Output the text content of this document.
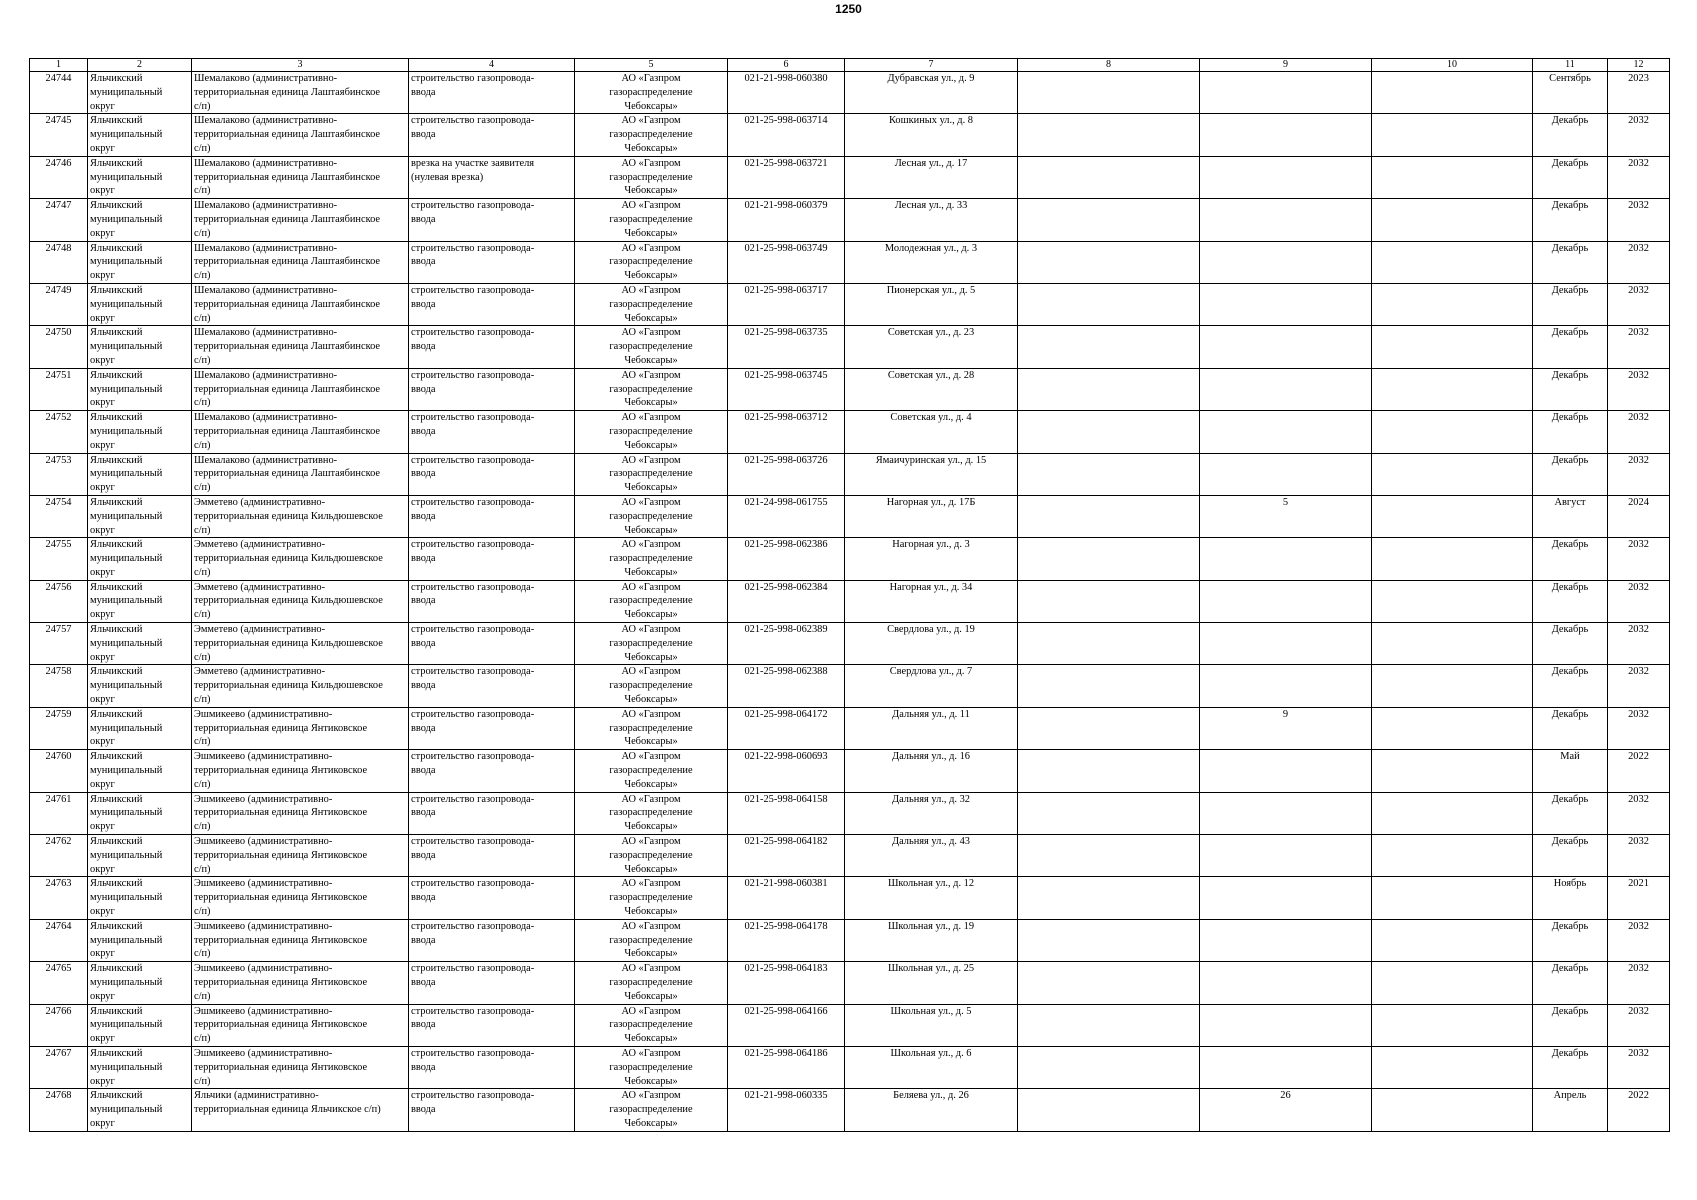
1250
1	2	3	4	5	6	7	8	9	10	11	12
24744	Яльчикский
муниципальный
округ	Шемалаково (административно-
территориальная единица Лаштаябинское
с/п)	строительство газопровода-
ввода	АО «Газпром
газораспределение
Чебоксары»	021-21-998-060380	Дубравская ул., д. 9				Сентябрь	2023
24745	Яльчикский
муниципальный
округ	Шемалаково (административно-
территориальная единица Лаштаябинское
с/п)	строительство газопровода-
ввода	АО «Газпром
газораспределение
Чебоксары»	021-25-998-063714	Кошкиных ул., д. 8				Декабрь	2032
24746	Яльчикский
муниципальный
округ	Шемалаково (административно-
территориальная единица Лаштаябинское
с/п)	врезка на участке заявителя
(нулевая врезка)	АО «Газпром
газораспределение
Чебоксары»	021-25-998-063721	Лесная ул., д. 17				Декабрь	2032
24747	Яльчикский
муниципальный
округ	Шемалаково (административно-
территориальная единица Лаштаябинское
с/п)	строительство газопровода-
ввода	АО «Газпром
газораспределение
Чебоксары»	021-21-998-060379	Лесная ул., д. 33				Декабрь	2032
24748	Яльчикский
муниципальный
округ	Шемалаково (административно-
территориальная единица Лаштаябинское
с/п)	строительство газопровода-
ввода	АО «Газпром
газораспределение
Чебоксары»	021-25-998-063749	Молодежная ул., д. 3				Декабрь	2032
24749	Яльчикский
муниципальный
округ	Шемалаково (административно-
территориальная единица Лаштаябинское
с/п)	строительство газопровода-
ввода	АО «Газпром
газораспределение
Чебоксары»	021-25-998-063717	Пионерская ул., д. 5				Декабрь	2032
24750	Яльчикский
муниципальный
округ	Шемалаково (административно-
территориальная единица Лаштаябинское
с/п)	строительство газопровода-
ввода	АО «Газпром
газораспределение
Чебоксары»	021-25-998-063735	Советская ул., д. 23				Декабрь	2032
24751	Яльчикский
муниципальный
округ	Шемалаково (административно-
территориальная единица Лаштаябинское
с/п)	строительство газопровода-
ввода	АО «Газпром
газораспределение
Чебоксары»	021-25-998-063745	Советская ул., д. 28				Декабрь	2032
24752	Яльчикский
муниципальный
округ	Шемалаково (административно-
территориальная единица Лаштаябинское
с/п)	строительство газопровода-
ввода	АО «Газпром
газораспределение
Чебоксары»	021-25-998-063712	Советская ул., д. 4				Декабрь	2032
24753	Яльчикский
муниципальный
округ	Шемалаково (административно-
территориальная единица Лаштаябинское
с/п)	строительство газопровода-
ввода	АО «Газпром
газораспределение
Чебоксары»	021-25-998-063726	Ямаичуринская ул., д. 15				Декабрь	2032
24754	Яльчикский
муниципальный
округ	Эмметево (административно-
территориальная единица Кильдюшевское
с/п)	строительство газопровода-
ввода	АО «Газпром
газораспределение
Чебоксары»	021-24-998-061755	Нагорная ул., д. 17Б		5		Август	2024
24755	Яльчикский
муниципальный
округ	Эмметево (административно-
территориальная единица Кильдюшевское
с/п)	строительство газопровода-
ввода	АО «Газпром
газораспределение
Чебоксары»	021-25-998-062386	Нагорная ул., д. 3				Декабрь	2032
24756	Яльчикский
муниципальный
округ	Эмметево (административно-
территориальная единица Кильдюшевское
с/п)	строительство газопровода-
ввода	АО «Газпром
газораспределение
Чебоксары»	021-25-998-062384	Нагорная ул., д. 34				Декабрь	2032
24757	Яльчикский
муниципальный
округ	Эмметево (административно-
территориальная единица Кильдюшевское
с/п)	строительство газопровода-
ввода	АО «Газпром
газораспределение
Чебоксары»	021-25-998-062389	Свердлова ул., д. 19				Декабрь	2032
24758	Яльчикский
муниципальный
округ	Эмметево (административно-
территориальная единица Кильдюшевское
с/п)	строительство газопровода-
ввода	АО «Газпром
газораспределение
Чебоксары»	021-25-998-062388	Свердлова ул., д. 7				Декабрь	2032
24759	Яльчикский
муниципальный
округ	Эшмикеево (административно-
территориальная единица Янтиковское
с/п)	строительство газопровода-
ввода	АО «Газпром
газораспределение
Чебоксары»	021-25-998-064172	Дальняя ул., д. 11		9		Декабрь	2032
24760	Яльчикский
муниципальный
округ	Эшмикеево (административно-
территориальная единица Янтиковское
с/п)	строительство газопровода-
ввода	АО «Газпром
газораспределение
Чебоксары»	021-22-998-060693	Дальняя ул., д. 16				Май	2022
24761	Яльчикский
муниципальный
округ	Эшмикеево (административно-
территориальная единица Янтиковское
с/п)	строительство газопровода-
ввода	АО «Газпром
газораспределение
Чебоксары»	021-25-998-064158	Дальняя ул., д. 32				Декабрь	2032
24762	Яльчикский
муниципальный
округ	Эшмикеево (административно-
территориальная единица Янтиковское
с/п)	строительство газопровода-
ввода	АО «Газпром
газораспределение
Чебоксары»	021-25-998-064182	Дальняя ул., д. 43				Декабрь	2032
24763	Яльчикский
муниципальный
округ	Эшмикеево (административно-
территориальная единица Янтиковское
с/п)	строительство газопровода-
ввода	АО «Газпром
газораспределение
Чебоксары»	021-21-998-060381	Школьная ул., д. 12				Ноябрь	2021
24764	Яльчикский
муниципальный
округ	Эшмикеево (административно-
территориальная единица Янтиковское
с/п)	строительство газопровода-
ввода	АО «Газпром
газораспределение
Чебоксары»	021-25-998-064178	Школьная ул., д. 19				Декабрь	2032
24765	Яльчикский
муниципальный
округ	Эшмикеево (административно-
территориальная единица Янтиковское
с/п)	строительство газопровода-
ввода	АО «Газпром
газораспределение
Чебоксары»	021-25-998-064183	Школьная ул., д. 25				Декабрь	2032
24766	Яльчикский
муниципальный
округ	Эшмикеево (административно-
территориальная единица Янтиковское
с/п)	строительство газопровода-
ввода	АО «Газпром
газораспределение
Чебоксары»	021-25-998-064166	Школьная ул., д. 5				Декабрь	2032
24767	Яльчикский
муниципальный
округ	Эшмикеево (административно-
территориальная единица Янтиковское
с/п)	строительство газопровода-
ввода	АО «Газпром
газораспределение
Чебоксары»	021-25-998-064186	Школьная ул., д. 6				Декабрь	2032
24768	Яльчикский
муниципальный
округ	Яльчики (административно-
территориальная единица Яльчикское с/п)	строительство газопровода-
ввода	АО «Газпром
газораспределение
Чебоксары»	021-21-998-060335	Беляева ул., д. 26		26		Апрель	2022
